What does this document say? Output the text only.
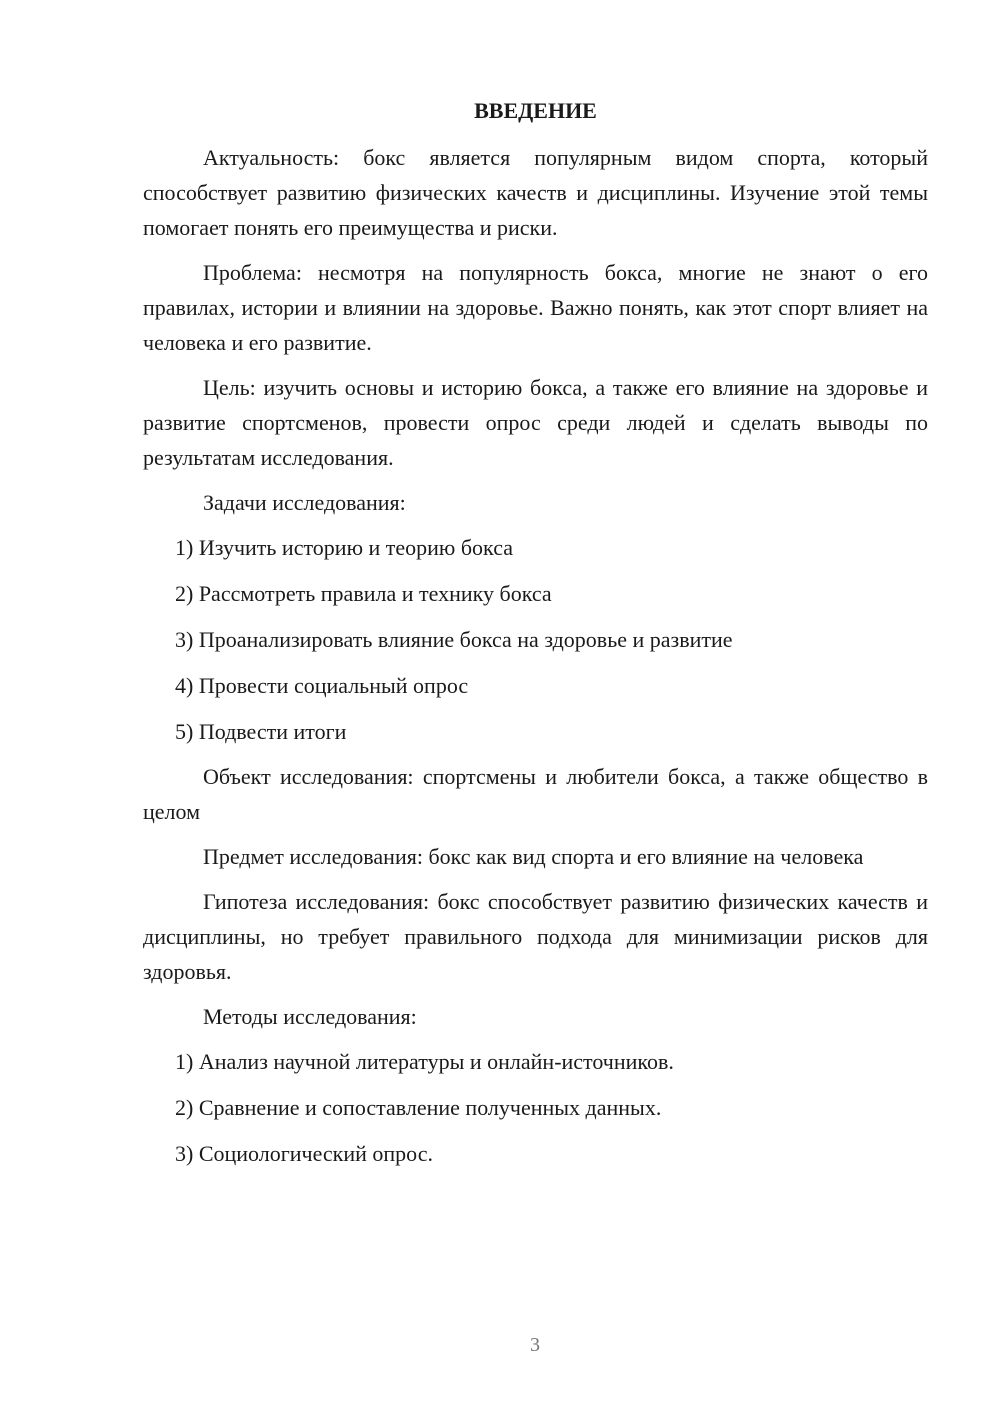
ВВЕДЕНИЕ

Актуальность: бокс является популярным видом спорта, который способствует развитию физических качеств и дисциплины. Изучение этой темы помогает понять его преимущества и риски.

Проблема: несмотря на популярность бокса, многие не знают о его правилах, истории и влиянии на здоровье. Важно понять, как этот спорт влияет на человека и его развитие.

Цель: изучить основы и историю бокса, а также его влияние на здоровье и развитие спортсменов, провести опрос среди людей и сделать выводы по результатам исследования.

Задачи исследования:

1) Изучить историю и теорию бокса
2) Рассмотреть правила и технику бокса
3) Проанализировать влияние бокса на здоровье и развитие
4) Провести социальный опрос
5) Подвести итоги

Объект исследования: спортсмены и любители бокса, а также общество в целом

Предмет исследования: бокс как вид спорта и его влияние на человека

Гипотеза исследования: бокс способствует развитию физических качеств и дисциплины, но требует правильного подхода для минимизации рисков для здоровья.

Методы исследования:

1) Анализ научной литературы и онлайн-источников.
2) Сравнение и сопоставление полученных данных.
3) Социологический опрос.
3
